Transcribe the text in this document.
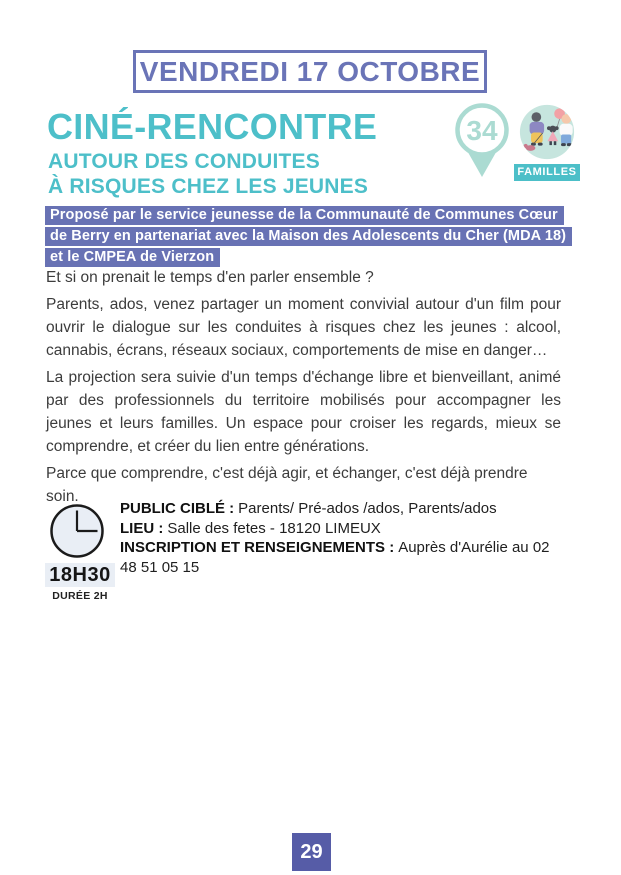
VENDREDI 17 OCTOBRE
CINÉ-RENCONTRE
AUTOUR DES CONDUITES
À RISQUES CHEZ LES JEUNES
34
FAMILLES
Proposé par le service jeunesse de la Communauté de Communes Cœur
de Berry en partenariat avec la Maison des Adolescents du Cher (MDA 18)
et le CMPEA de Vierzon

Et si on prenait le temps d'en parler ensemble ?

Parents, ados, venez partager un moment convivial autour d'un film pour ouvrir le dialogue sur les conduites à risques chez les jeunes : alcool, cannabis, écrans, réseaux sociaux, comportements de mise en danger…

La projection sera suivie d'un temps d'échange libre et bienveillant, animé par des professionnels du territoire mobilisés pour accompagner les jeunes et leurs familles. Un espace pour croiser les regards, mieux se comprendre, et créer du lien entre générations.

Parce que comprendre, c'est déjà agir, et échanger, c'est déjà prendre soin.

18H30
DURÉE 2H

PUBLIC CIBLÉ : Parents/ Pré-ados /ados, Parents/ados

LIEU : Salle des fetes - 18120 LIMEUX

INSCRIPTION ET RENSEIGNEMENTS : Auprès d'Aurélie au 02 48 51 05 15

29
